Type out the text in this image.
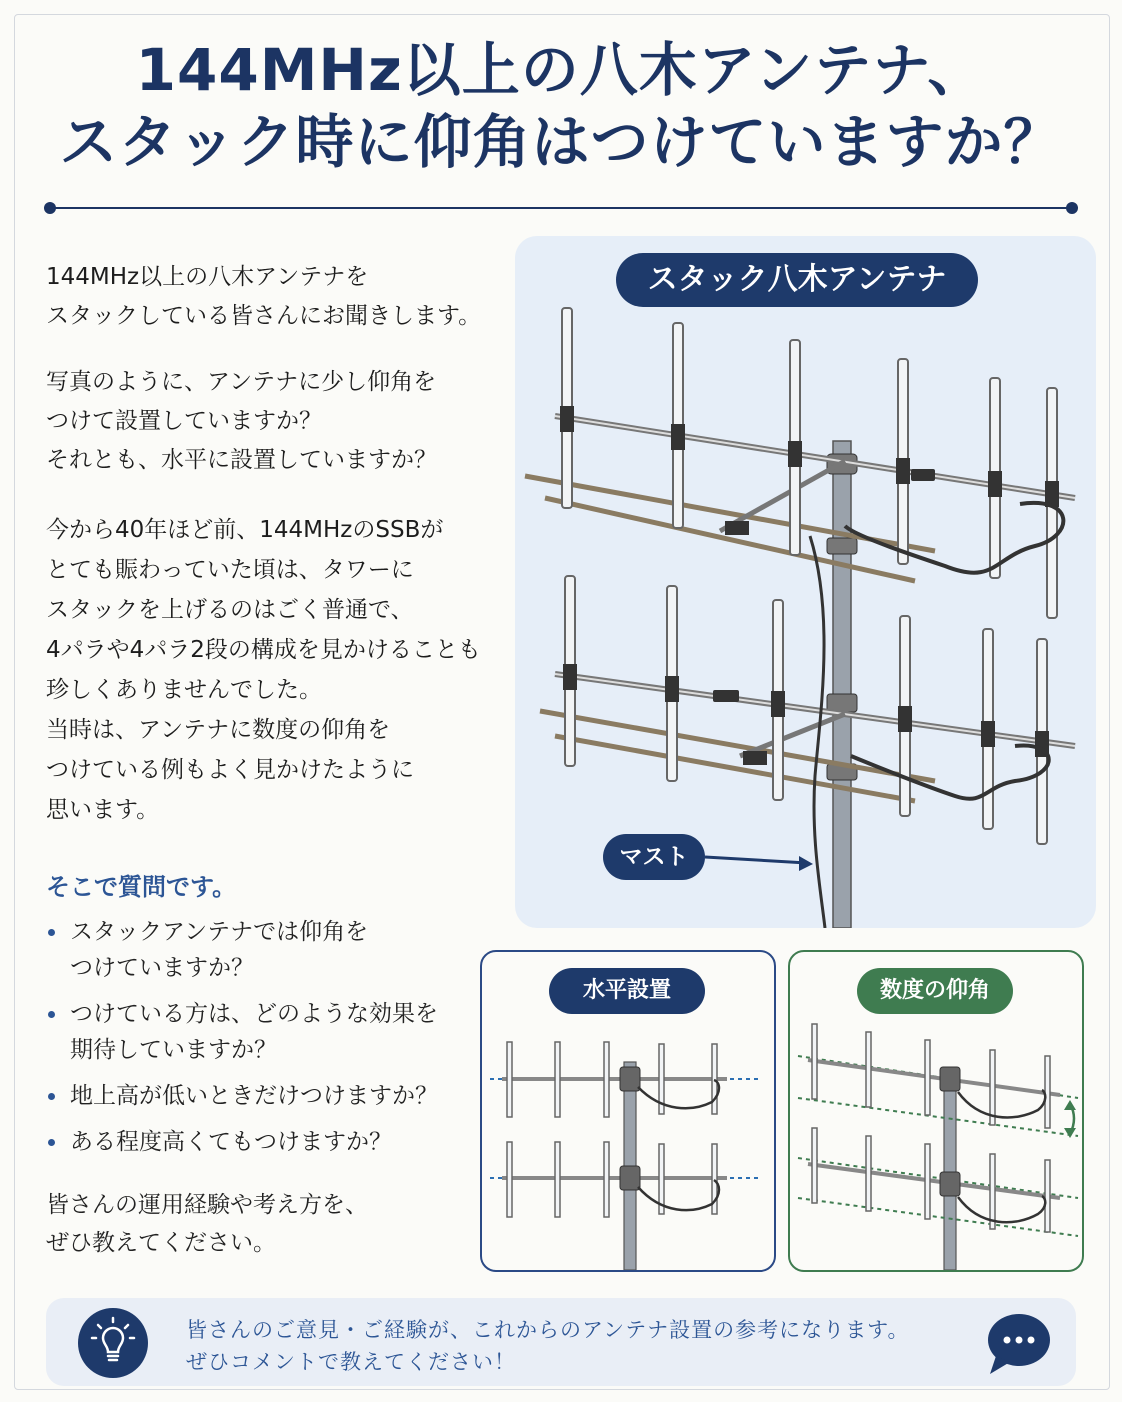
144MHz以上の八木アンテナ、
スタック時に仰角はつけていますか？
144MHz以上の八木アンテナを
スタックしている皆さんにお聞きします。
写真のように、アンテナに少し仰角を
つけて設置していますか？
それとも、水平に設置していますか？
今から40年ほど前、144MHzのSSBが
とても賑わっていた頃は、タワーに
スタックを上げるのはごく普通で、
4パラや4パラ2段の構成を見かけることも
珍しくありませんでした。
当時は、アンテナに数度の仰角を
つけている例もよく見かけたように
思います。
そこで質問です。
スタックアンテナでは仰角を
つけていますか？
つけている方は、どのような効果を
期待していますか？
地上高が低いときだけつけますか？
ある程度高くてもつけますか？
皆さんの運用経験や考え方を、
ぜひ教えてください。
スタック八木アンテナ
マスト
水平設置	数度の仰角
皆さんのご意見・ご経験が、これからのアンテナ設置の参考になります。
ぜひコメントで教えてください！
